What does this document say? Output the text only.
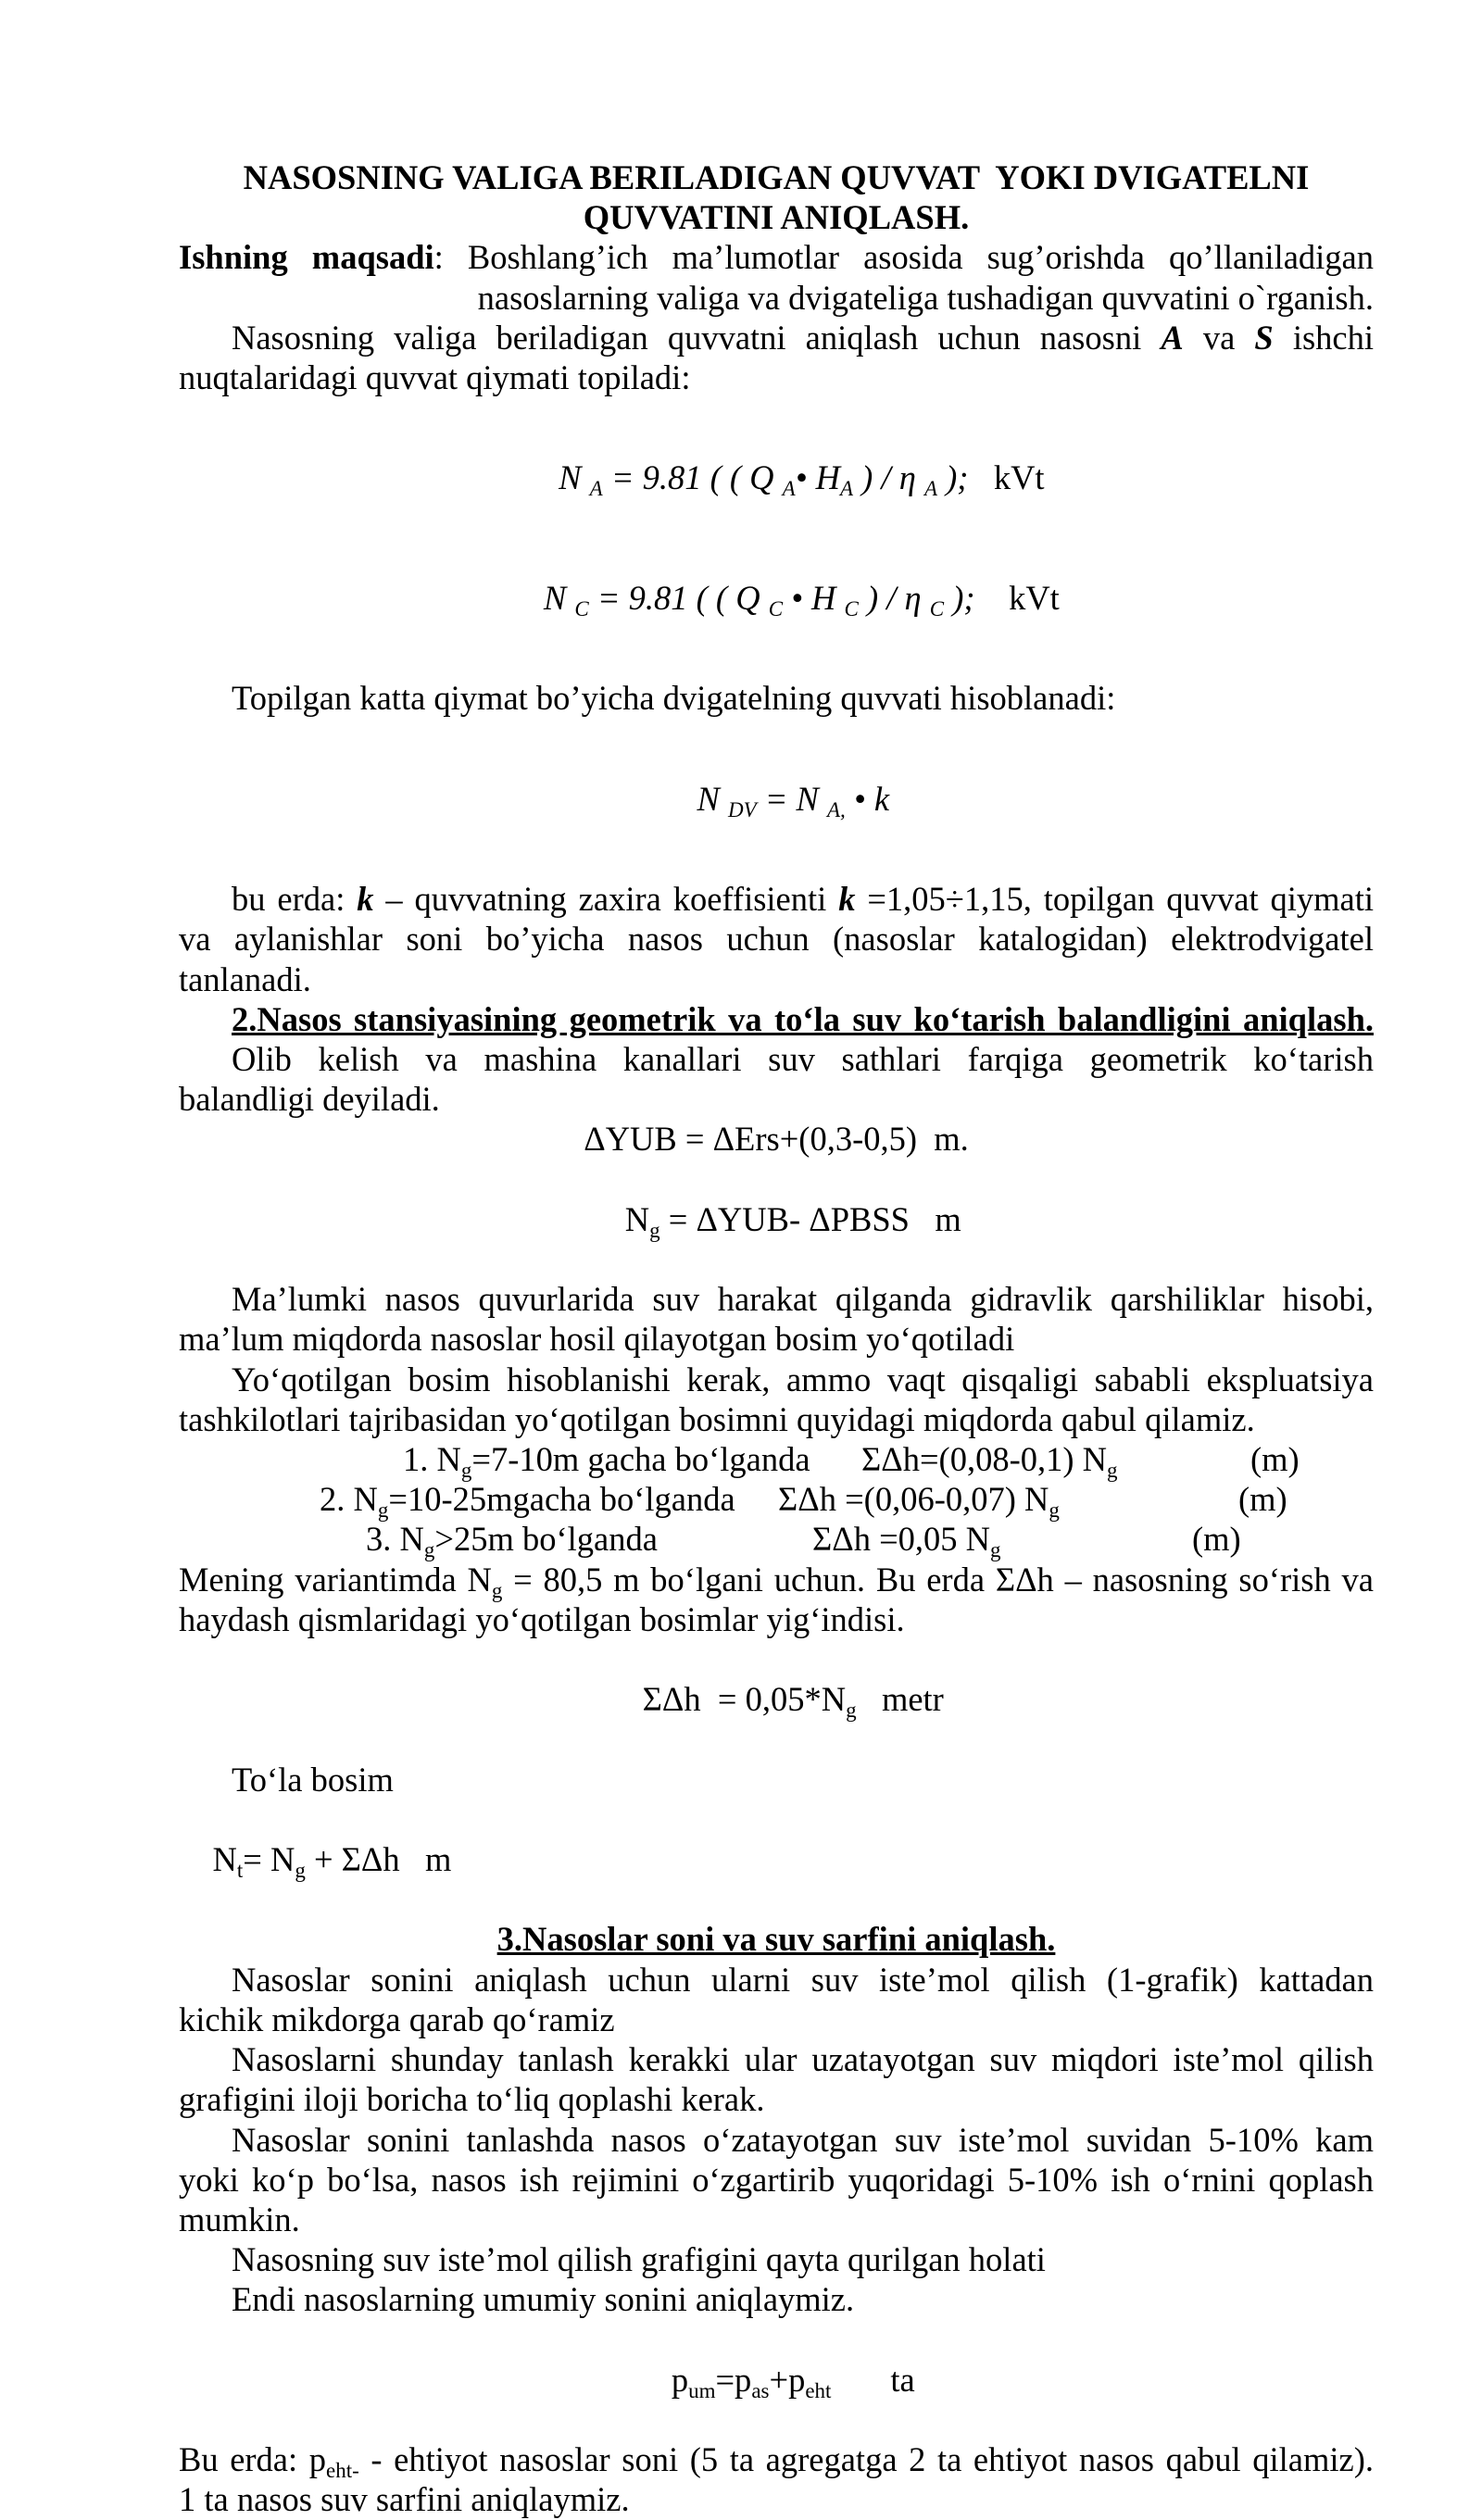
NASOSNING VALIGA BERILADIGAN QUVVAT  YOKI DVIGATELNI
QUVVATINI ANIQLASH.
Ishning maqsadi: Boshlang’ich ma’lumotlar asosida sug’orishda qo’llaniladigan
nasoslarning valiga va dvigateliga tushadigan quvvatini o`rganish.
Nasosning valiga beriladigan quvvatni aniqlash uchun nasosni A va S ishchi
nuqtalaridagi quvvat qiymati topiladi:

N A = 9.81 ( ( Q A• HA ) / η A );   kVt

N C = 9.81 ( ( Q C • H C ) / η C );    kVt

Topilgan katta qiymat bo’yicha dvigatelning quvvati hisoblanadi:

N DV = N A, • k

bu erda: k – quvvatning zaxira koeffisienti k =1,05÷1,15, topilgan quvvat qiymati
va aylanishlar soni bo’yicha nasos uchun (nasoslar katalogidan) elektrodvigatel
tanlanadi.
2.Nasos stansiyasining geometrik va to‘la suv ko‘tarish balandligini aniqlash.
Olib kelish va mashina kanallari suv sathlari farqiga geometrik ko‘tarish
balandligi deyiladi.
ΔYUB = ΔErs+(0,3-0,5)  m.

Ng = ΔYUB- ΔPBSS   m

Ma’lumki nasos quvurlarida suv harakat qilganda gidravlik qarshiliklar hisobi,
ma’lum miqdorda nasoslar hosil qilayotgan bosim yo‘qotiladi
Yo‘qotilgan bosim hisoblanishi kerak, ammo vaqt qisqaligi sababli ekspluatsiya
tashkilotlari tajribasidan yo‘qotilgan bosimni quyidagi miqdorda qabul qilamiz.
1. Ng=7-10m gacha bo‘lganda ΣΔh=(0,08-0,1) Ng	(m)
2. Ng=10-25mgacha bo‘lganda ΣΔh =(0,06-0,07) Ng	(m)
3. Ng>25m bo‘lganda	ΣΔh =0,05 Ng	(m)
Mening variantimda Ng = 80,5 m bo‘lgani uchun. Bu erda ΣΔh – nasosning so‘rish va
haydash qismlaridagi yo‘qotilgan bosimlar yig‘indisi.

ΣΔh  = 0,05*Ng   metr

To‘la bosim

Nt= Ng + ΣΔh   m

3.Nasoslar soni va suv sarfini aniqlash.
Nasoslar sonini aniqlash uchun ularni suv iste’mol qilish (1-grafik) kattadan
kichik mikdorga qarab qo‘ramiz
Nasoslarni shunday tanlash kerakki ular uzatayotgan suv miqdori iste’mol qilish
grafigini iloji boricha to‘liq qoplashi kerak.
Nasoslar sonini tanlashda nasos o‘zatayotgan suv iste’mol suvidan 5-10% kam
yoki ko‘p bo‘lsa, nasos ish rejimini o‘zgartirib yuqoridagi 5-10% ish o‘rnini qoplash
mumkin.
Nasosning suv iste’mol qilish grafigini qayta qurilgan holati
Endi nasoslarning umumiy sonini aniqlaymiz.

pum=pas+peht       ta

Bu erda: peht- - ehtiyot nasoslar soni (5 ta agregatga 2 ta ehtiyot nasos qabul qilamiz).
1 ta nasos suv sarfini aniqlaymiz.
